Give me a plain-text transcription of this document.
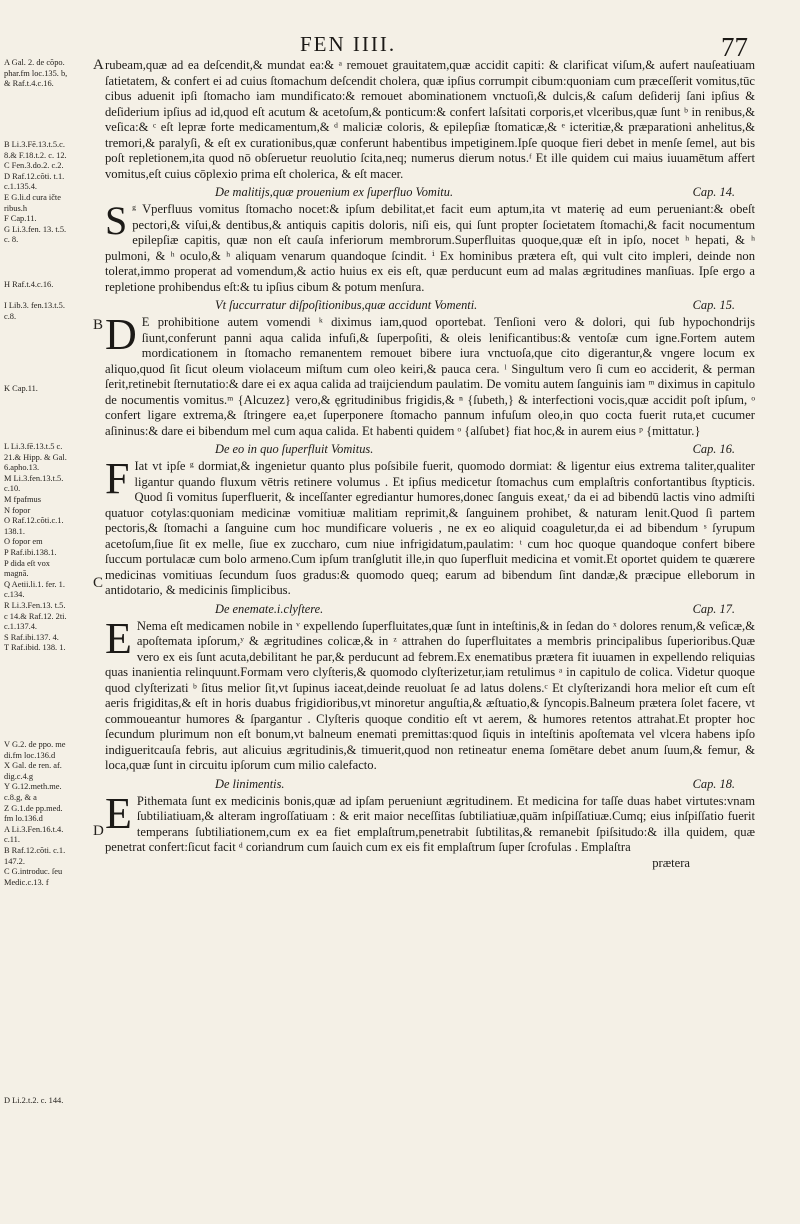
FEN IIII.	77
A Gal. 2. de cõpo.
phar.fm loc.135. b,
& Raf.t.4.c.16.
B Li.3.Fē.13.t.5.c.
8.& F.18.t.2. c. 12.
C Fen.3.do.2. c.2.
D Raf.12.cõti. t.1.
c.1.135.4.
E G.li.d cura ičte
ribus.h
F Cap.11.
G Li.3.fen. 13. t.5.
c. 8.
H Raf.t.4.c.16.

I Lib.3. fen.13.t.5.
c.8.
K Cap.11.
L Li.3.fē.13.t.5 c.
21.& Hipp. & Gal.
6.apho.13.
M Li.3.fen.13.t.5.
c.10.
M fpafmus
N fopor
O Raf.12.cõti.c.1.
138.1.
O fopor em
P Raf.ibi.138.1.
P dida eſt vox
magnā.
Q Aetii.li.1. fer. 1.
c.134.
R Li.3.Fen.13. t.5.
c 14.& Raf.12. 2ti.
c.1.137.4.
S Raf.ibi.137. 4.
T Raf.ibid. 138. 1.
V G.2. de ppo. me
di.fm loc.136.d
X Gal. de ren. af.
dig.c.4.g
Y G.12.meth.me.
c.8.g, & a
Z G.1.de pp.med.
fm lo.136.d
A Li.3.Fen.16.t.4.
c.11.
B Raf.12.cõti. c.1.
147.2.
C G.introduc. ſeu
Medic.c.13. f
D Li.2.t.2. c. 144.
A
B
C
D

rubeam,quæ ad ea deſcendit,& mundat ea:& ᵃ remouet grauitatem,quæ accidit capiti: & clarificat viſum,& aufert nauſeatiuam ſatietatem, & confert ei ad cuius ſtomachum deſcendit cholera, quæ ipſius corrumpit cibum:quoniam cum præceſſerit vomitus,tūc cibus aduenit ipſi ſtomacho iam mundificato:& remouet abominationem vnctuoſi,& dulcis,& caſum deſiderij ſani ipſius & deſiderium ipſius ad id,quod eſt acutum & acetoſum,& ponticum:& confert laſsitati corporis,et vlceribus,quæ ſunt ᵇ in renibus,& veſica:& ᶜ eſt lepræ forte medicamentum,& ᵈ maliciæ coloris, & epilepſiæ ſtomaticæ,& ᵉ icteritiæ,& præparationi anhelitus,& tremori,& paralyſi, & eſt ex curationibus,quæ conferunt habentibus impetiginem.Ipſe quoque fieri debet in menſe ſemel, aut bis poſt repletionem,ita quod nō obſeruetur reuolutio ſcita,neq; numerus dierum notus.ᶠ Et ille quidem cui maius iuuamētum affert vomitus,eſt cuius cōplexio prima eſt cholerica, & eſt macer.

De malitijs,quæ prouenium ex ſuperfluo Vomitu.	Cap. 14.

S ᵍ Vperfluus vomitus ſtomacho nocet:& ipſum debilitat,et facit eum aptum,ita vt materię ad eum perueniant:& obeſt pectori,& viſui,& dentibus,& antiquis capitis doloris, niſi eis, qui ſunt propter ſocietatem ſtomachi,& facit nocumentum epilepſiæ capitis, quæ non eſt cauſa inferiorum membrorum.Superfluitas quoque,quæ eſt in ipſo, nocet ʰ hepati, & ʰ pulmoni, & ʰ oculo,& ʰ aliquam venarum quandoque ſcindit. ⁱ Ex hominibus prætera eſt, qui vult cito impleri, deinde non tolerat,immo properat ad vomendum,& actio huius ex eis eſt, quæ perducunt eum ad malas ægritudines manſiuas. Ipſe ergo a repletione prohibendus eſt:& tu ipſius cibum & potum menſura.

Vt ſuccurratur diſpoſitionibus,quæ accidunt Vomenti.	Cap. 15.

D E prohibitione autem vomendi ᵏ diximus iam,quod oportebat. Tenſioni vero & dolori, qui ſub hypochondrijs ſiunt,conferunt panni aqua calida infuſi,& ſuperpoſiti, & oleis lenificantibus:& ventoſæ cum igne.Fortem autem mordicationem in ſtomacho remanentem remouet bibere iura vnctuoſa,que cito digerantur,& vngere locum ex aliquo,quod ſit ſicut oleum violaceum miſtum cum oleo keiri,& pauca cera. ˡ Singultum vero ſi cum eo acciderit, & perman ſerit,retinebit ſternutatio:& dare ei ex aqua calida ad traijciendum paulatim. De vomitu autem ſanguinis iam ᵐ diximus in capitulo de nocumentis vomitus.ᵐ {Alcuzez} vero,& ęgritudinibus frigidis,& ⁿ {ſubeth,} & interfectioni vocis,quæ accidit poſt ipſum, ᵒ confert ligare extrema,& ſtringere ea,et ſuperponere ſtomacho pannum infuſum oleo,in quo cocta fuerit ruta,et cucumer aſininus:& dare ei bibendum mel cum aqua calida. Et habenti quidem ᵒ {alſubet} fiat hoc,& in aurem eius ᵖ {mittatur.}

De eo in quo ſuperfluit Vomitus.	Cap. 16.

F Iat vt ipſe ᵍ dormiat,& ingenietur quanto plus poſsibile fuerit, quomodo dormiat: & ligentur eius extrema taliter,qualiter ligantur quando fluxum vētris retinere volumus . Et ipſius medicetur ſtomachus cum emplaſtris confortantibus ſtypticis. Quod ſi vomitus ſuperfluerit, & inceſſanter egrediantur humores,donec ſanguis exeat,ʳ da ei ad bibendū lactis vino admiſti quatuor cotylas:quoniam medicinæ vomitiuæ malitiam reprimit,& ſanguinem prohibet, & naturam lenit.Quod ſi partem pectoris,& ſtomachi a ſanguine cum hoc mundificare volueris , ne ex eo aliquid coaguletur,da ei ad bibendum ˢ ſyrupum acetoſum,ſiue ſit ex melle, ſiue ex zuccharo, cum niue infrigidatum,paulatim: ᵗ cum hoc quoque quandoque confert bibere ſuccum portulacæ cum bolo armeno.Cum ipſum tranſglutit ille,in quo ſuperfluit medicina et vomit.Et oportet quidem te quærere medicinas vomitiuas ſecundum ſuos gradus:& quomodo queq; earum ad bibendum ſint dandæ,& præcipue elleborum in antidotario, & medicinis ſimplicibus.

De enemate.i.clyſtere.	Cap. 17.

E Nema eſt medicamen nobile in ᵛ expellendo ſuperfluitates,quæ ſunt in inteſtinis,& in ſedan do ˣ dolores renum,& veſicæ,& apoſtemata ipſorum,ʸ & ægritudines colicæ,& in ᶻ attrahen do ſuperfluitates a membris principalibus ſuperioribus.Quæ vero ex eis ſunt acuta,debilitant he par,& perducunt ad febrem.Ex enematibus prætera fit iuuamen in expellendo reliquias quas inanientia relinquunt.Formam vero clyſteris,& quomodo clyſterizetur,iam retulimus ᵃ in capitulo de colica. Videtur quoque quod clyſterizati ᵇ ſitus melior ſit,vt ſupinus iaceat,deinde reuoluat ſe ad latus dolens.ᶜ Et clyſterizandi hora melior eſt cum eſt aeris frigiditas,& eſt in horis duabus frigidioribus,vt minoretur anguſtia,& æſtuatio,& ſyncopis.Balneum prætera ſolet facere, vt commoueantur humores & ſpargantur . Clyſteris quoque conditio eſt vt aerem, & humores retentos attrahat.Et propter hoc ſecundum plurimum non eſt bonum,vt balneum enemati premittas:quod ſiquis in inteſtinis apoſtemata vel vlcera habens ipſo indigueritcauſa febris, aut alicuius ægritudinis,& timuerit,quod non retineatur enema ſomētare debet anum ſuum,& femur, & loca,quæ ſunt in circuitu ipſorum cum milio calefacto.

De linimentis.	Cap. 18.

E Pithemata ſunt ex medicinis bonis,quæ ad ipſam perueniunt ægritudinem. Et medicina for taſſe duas habet virtutes:vnam ſubtiliatiuam,& alteram ingroſſatiuam : & erit maior neceſſitas ſubtiliatiuæ,quām inſpiſſatiuæ.Cumq; eius inſpiſſatio fuerit temperans ſubtiliationem,cum ex ea fiet emplaſtrum,penetrabit ſubtilitas,& remanebit ſpiſsitudo:& illa quidem, quæ penetrat confert:ſicut facit ᵈ coriandrum cum ſauich cum ex eis fit emplaſtrum ſuper ſcrofulas . Emplaſtra

prætera
